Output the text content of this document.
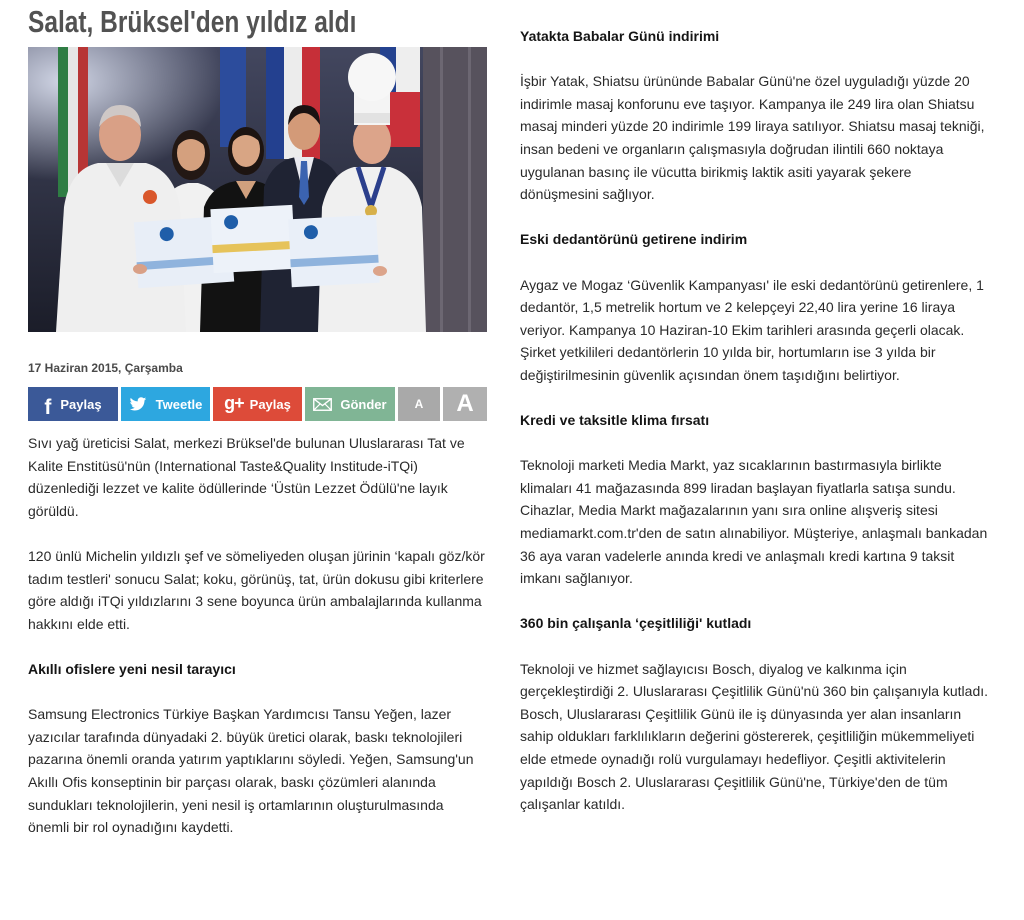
Salat, Brüksel'den yıldız aldı
17 Haziran 2015, Çarşamba
f Paylaş	Tweetle g+ Paylaş	Gönder	A	A

Sıvı yağ üreticisi Salat, merkezi Brüksel'de bulunan Uluslararası Tat ve Kalite Enstitüsü'nün (International Taste&Quality Institude-iTQi) düzenlediği lezzet ve kalite ödüllerinde ‘Üstün Lezzet Ödülü'ne layık görüldü.

120 ünlü Michelin yıldızlı şef ve sömeliyeden oluşan jürinin ‘kapalı göz/kör tadım testleri' sonucu Salat; koku, görünüş, tat, ürün dokusu gibi kriterlere göre aldığı iTQi yıldızlarını 3 sene boyunca ürün ambalajlarında kullanma hakkını elde etti.

Akıllı ofislere yeni nesil tarayıcı

Samsung Electronics Türkiye Başkan Yardımcısı Tansu Yeğen, lazer yazıcılar tarafında dünyadaki 2. büyük üretici olarak, baskı teknolojileri pazarına önemli oranda yatırım yaptıklarını söyledi. Yeğen, Samsung'un Akıllı Ofis konseptinin bir parçası olarak, baskı çözümleri alanında sundukları teknolojilerin, yeni nesil iş ortamlarının oluşturulmasında önemli bir rol oynadığını kaydetti.

Yatakta Babalar Günü indirimi

İşbir Yatak, Shiatsu ürününde Babalar Günü'ne özel uyguladığı yüzde 20 indirimle masaj konforunu eve taşıyor. Kampanya ile 249 lira olan Shiatsu masaj minderi yüzde 20 indirimle 199 liraya satılıyor. Shiatsu masaj tekniği, insan bedeni ve organların çalışmasıyla doğrudan ilintili 660 noktaya uygulanan basınç ile vücutta birikmiş laktik asiti yayarak şekere dönüşmesini sağlıyor.

Eski dedantörünü getirene indirim

Aygaz ve Mogaz ‘Güvenlik Kampanyası' ile eski dedantörünü getirenlere, 1 dedantör, 1,5 metrelik hortum ve 2 kelepçeyi 22,40 lira yerine 16 liraya veriyor. Kampanya 10 Haziran-10 Ekim tarihleri arasında geçerli olacak. Şirket yetkilileri dedantörlerin 10 yılda bir, hortumların ise 3 yılda bir değiştirilmesinin güvenlik açısından önem taşıdığını belirtiyor.

Kredi ve taksitle klima fırsatı

Teknoloji marketi Media Markt, yaz sıcaklarının bastırmasıyla birlikte klimaları 41 mağazasında 899 liradan başlayan fiyatlarla satışa sundu. Cihazlar, Media Markt mağazalarının yanı sıra online alışveriş sitesi mediamarkt.com.tr'den de satın alınabiliyor. Müşteriye, anlaşmalı bankadan 36 aya varan vadelerle anında kredi ve anlaşmalı kredi kartına 9 taksit imkanı sağlanıyor.

360 bin çalışanla ‘çeşitliliği' kutladı

Teknoloji ve hizmet sağlayıcısı Bosch, diyalog ve kalkınma için gerçekleştirdiği 2. Uluslararası Çeşitlilik Günü'nü 360 bin çalışanıyla kutladı. Bosch, Uluslararası Çeşitlilik Günü ile iş dünyasında yer alan insanların sahip oldukları farklılıkların değerini göstererek, çeşitliliğin mükemmeliyeti elde etmede oynadığı rolü vurgulamayı hedefliyor. Çeşitli aktivitelerin yapıldığı Bosch 2. Uluslararası Çeşitlilik Günü'ne, Türkiye'den de tüm çalışanlar katıldı.
